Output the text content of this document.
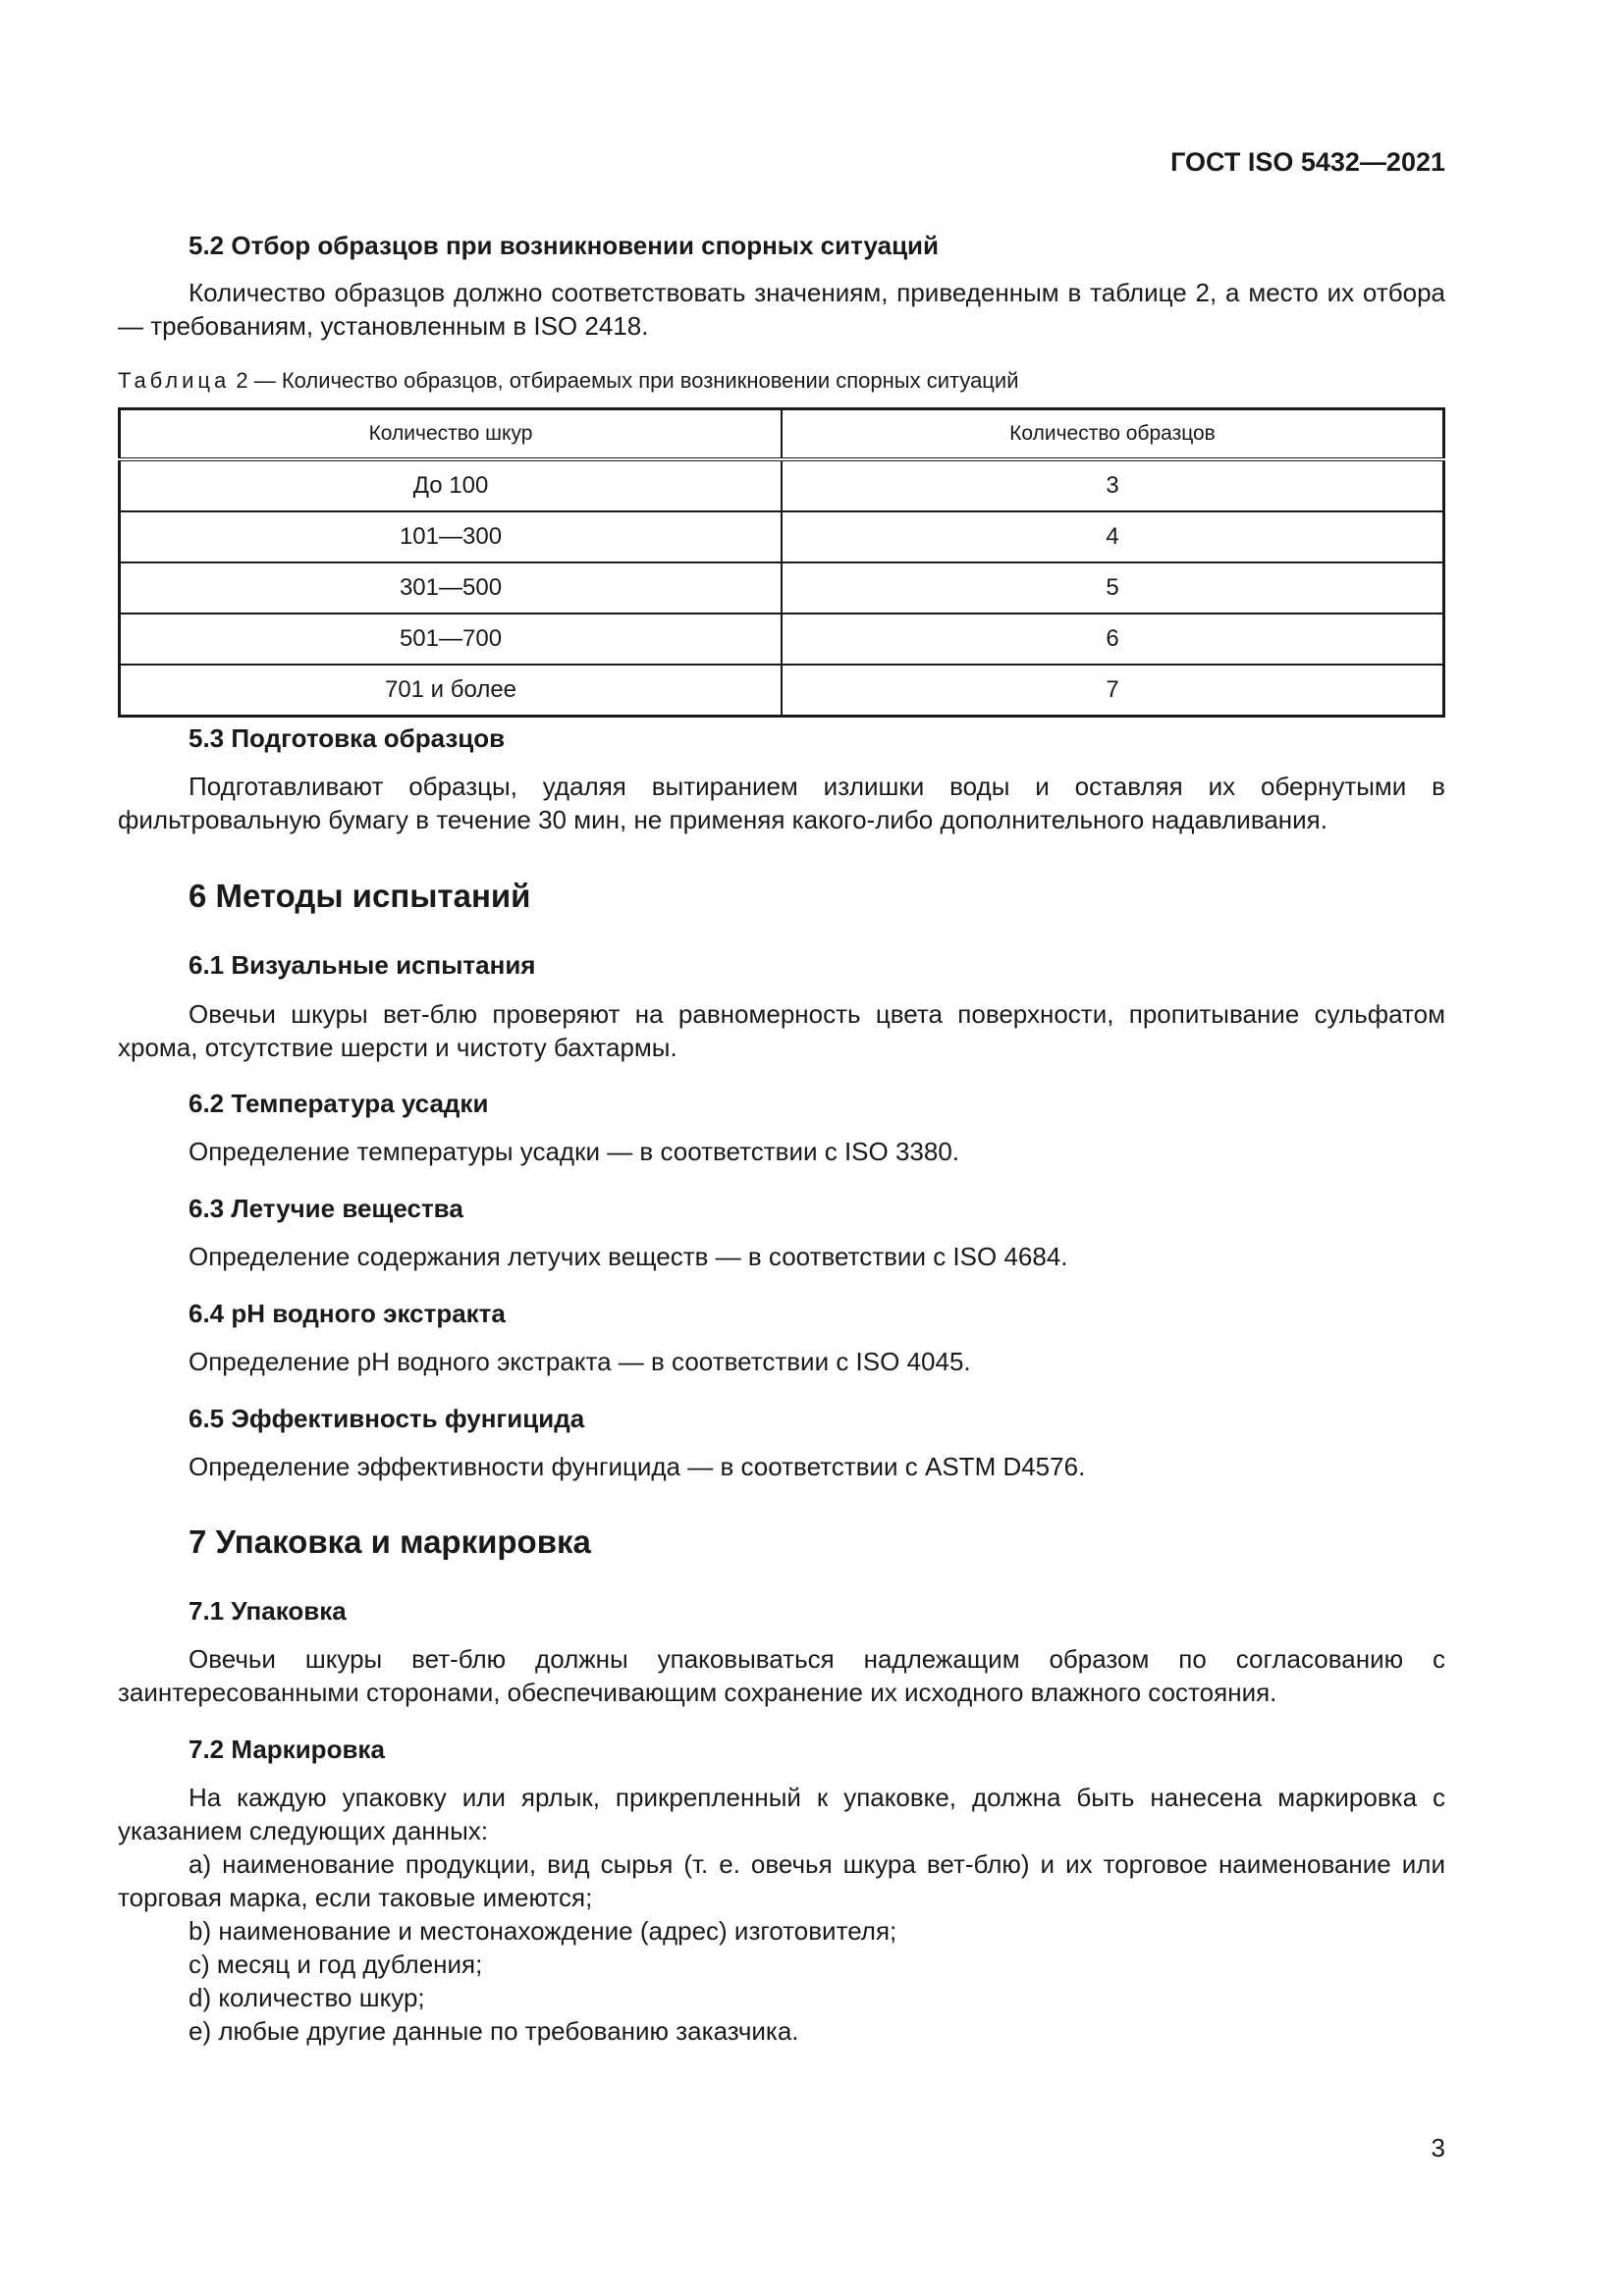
ГОСТ ISO 5432—2021

5.2 Отбор образцов при возникновении спорных ситуаций

Количество образцов должно соответствовать значениям, приведенным в таблице 2, а место их отбора — требованиям, установленным в ISO 2418.

Таблица 2 — Количество образцов, отбираемых при возникновении спорных ситуаций

Количество шкур	Количество образцов
До 100	3
101—300	4
301—500	5
501—700	6
701 и более	7

5.3 Подготовка образцов

Подготавливают образцы, удаляя вытиранием излишки воды и оставляя их обернутыми в фильтровальную бумагу в течение 30 мин, не применяя какого-либо дополнительного надавливания.

6 Методы испытаний

6.1 Визуальные испытания

Овечьи шкуры вет-блю проверяют на равномерность цвета поверхности, пропитывание сульфатом хрома, отсутствие шерсти и чистоту бахтармы.

6.2 Температура усадки

Определение температуры усадки — в соответствии с ISO 3380.

6.3 Летучие вещества

Определение содержания летучих веществ — в соответствии с ISO 4684.

6.4 рН водного экстракта

Определение рН водного экстракта — в соответствии с ISO 4045.

6.5 Эффективность фунгицида

Определение эффективности фунгицида — в соответствии с ASTM D4576.

7 Упаковка и маркировка

7.1 Упаковка

Овечьи шкуры вет-блю должны упаковываться надлежащим образом по согласованию с заинтересованными сторонами, обеспечивающим сохранение их исходного влажного состояния.

7.2 Маркировка

На каждую упаковку или ярлык, прикрепленный к упаковке, должна быть нанесена маркировка с указанием следующих данных:

a) наименование продукции, вид сырья (т. е. овечья шкура вет-блю) и их торговое наименование или торговая марка, если таковые имеются;

b) наименование и местонахождение (адрес) изготовителя;

c) месяц и год дубления;

d) количество шкур;

e) любые другие данные по требованию заказчика.

3
